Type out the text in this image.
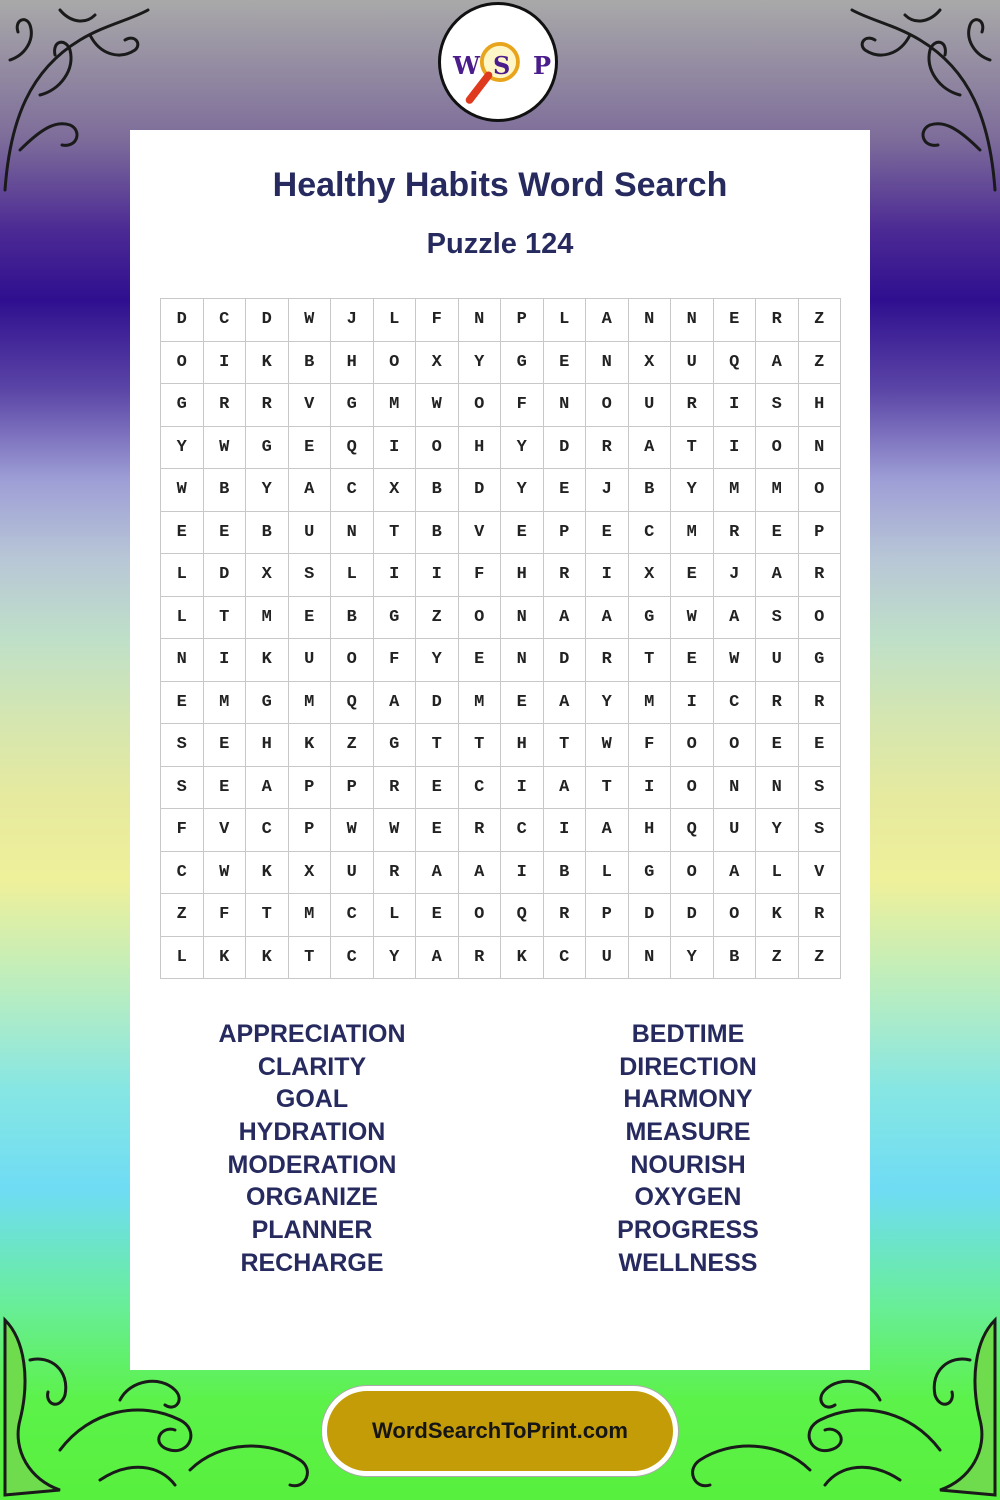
W S P
Healthy Habits Word Search
Puzzle 124
D	C	D	W	J	L	F	N	P	L	A	N	N	E	R	Z
O	I	K	B	H	O	X	Y	G	E	N	X	U	Q	A	Z
G	R	R	V	G	M	W	O	F	N	O	U	R	I	S	H
Y	W	G	E	Q	I	O	H	Y	D	R	A	T	I	O	N
W	B	Y	A	C	X	B	D	Y	E	J	B	Y	M	M	O
E	E	B	U	N	T	B	V	E	P	E	C	M	R	E	P
L	D	X	S	L	I	I	F	H	R	I	X	E	J	A	R
L	T	M	E	B	G	Z	O	N	A	A	G	W	A	S	O
N	I	K	U	O	F	Y	E	N	D	R	T	E	W	U	G
E	M	G	M	Q	A	D	M	E	A	Y	M	I	C	R	R
S	E	H	K	Z	G	T	T	H	T	W	F	O	O	E	E
S	E	A	P	P	R	E	C	I	A	T	I	O	N	N	S
F	V	C	P	W	W	E	R	C	I	A	H	Q	U	Y	S
C	W	K	X	U	R	A	A	I	B	L	G	O	A	L	V
Z	F	T	M	C	L	E	O	Q	R	P	D	D	O	K	R
L	K	K	T	C	Y	A	R	K	C	U	N	Y	B	Z	Z
APPRECIATION
CLARITY
GOAL
HYDRATION
MODERATION
ORGANIZE
PLANNER
RECHARGE
BEDTIME
DIRECTION
HARMONY
MEASURE
NOURISH
OXYGEN
PROGRESS
WELLNESS
WordSearchToPrint.com
